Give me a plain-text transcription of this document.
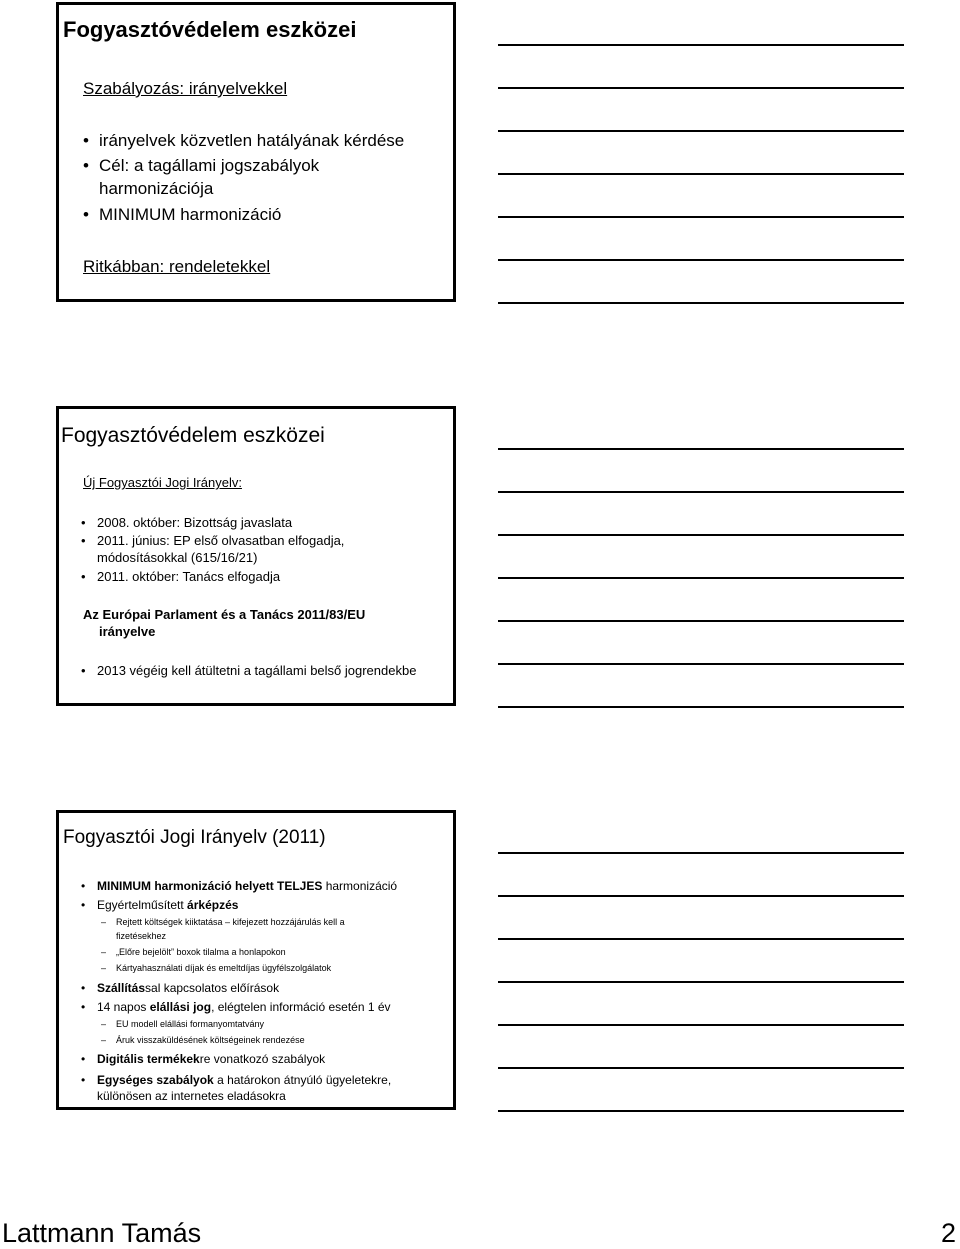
Fogyasztóvédelem eszközei

Szabályozás: irányelvekkel

• irányelvek közvetlen hatályának kérdése

• Cél: a tagállami jogszabályok

harmonizációja

• MINIMUM harmonizáció

Ritkábban: rendeletekkel

Fogyasztóvédelem eszközei

Új Fogyasztói Jogi Irányelv:

• 2008. október: Bizottság javaslata

• 2011. június: EP első olvasatban elfogadja,

módosításokkal (615/16/21)

• 2011. október: Tanács elfogadja

Az Európai Parlament és a Tanács 2011/83/EU

irányelve

• 2013 végéig kell átültetni a tagállami belső jogrendekbe

Fogyasztói Jogi Irányelv (2011)

• MINIMUM harmonizáció helyett TELJES harmonizáció

• Egyértelműsített árképzés

– Rejtett költségek kiiktatása – kifejezett hozzájárulás kell a

fizetésekhez

– „Előre bejelölt” boxok tilalma a honlapokon

– Kártyahasználati díjak és emeltdíjas ügyfélszolgálatok

• Szállítással kapcsolatos előírások

• 14 napos elállási jog, elégtelen információ esetén 1 év

– EU modell elállási formanyomtatvány

– Áruk visszaküldésének költségeinek rendezése

• Digitális termékekre vonatkozó szabályok

• Egységes szabályok a határokon átnyúló ügyeletekre,

különösen az internetes eladásokra

Lattmann Tamás	2
